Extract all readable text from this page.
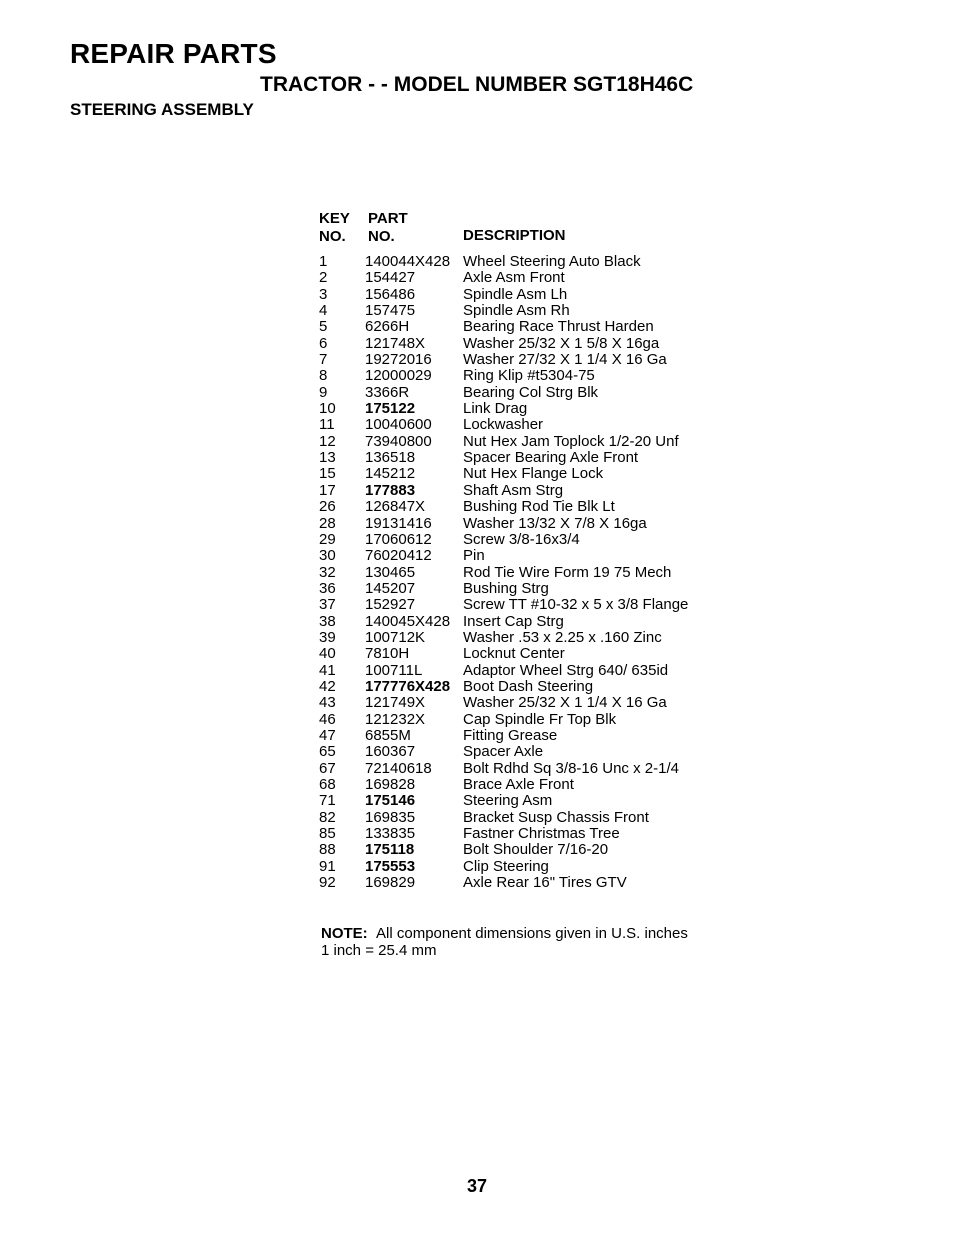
REPAIR PARTS
TRACTOR - - MODEL NUMBER SGT18H46C
STEERING ASSEMBLY
KEY
NO.
PART
NO.	DESCRIPTION
1	140044X428 Wheel Steering Auto Black
2	154427	Axle Asm Front
3	156486	Spindle Asm Lh
4	157475	Spindle Asm Rh
5	6266H	Bearing Race Thrust Harden
6	121748X	Washer 25/32 X 1 5/8 X 16ga
7	19272016 Washer 27/32 X 1 1/4 X 16 Ga
8	12000029 Ring Klip #t5304-75
9	3366R	Bearing Col Strg Blk
10 175122	Link Drag
11 10040600 Lockwasher
12 73940800 Nut Hex Jam Toplock 1/2-20 Unf
13 136518	Spacer Bearing Axle Front
15 145212	Nut Hex Flange Lock
17 177883	Shaft Asm Strg
26 126847X	Bushing Rod Tie Blk Lt
28 19131416 Washer 13/32 X 7/8 X 16ga
29 17060612 Screw 3/8-16x3/4
30 76020412 Pin
32 130465	Rod Tie Wire Form 19 75 Mech
36 145207	Bushing Strg
37 152927	Screw TT #10-32 x 5 x 3/8 Flange
38 140045X428 Insert Cap Strg
39 100712K	Washer .53 x 2.25 x .160 Zinc
40 7810H	Locknut Center
41 100711L	Adaptor Wheel Strg 640/ 635id
42 177776X428 Boot Dash Steering
43 121749X	Washer 25/32 X 1 1/4 X 16 Ga
46 121232X	Cap Spindle Fr Top Blk
47 6855M	Fitting Grease
65 160367	Spacer Axle
67 72140618 Bolt Rdhd Sq 3/8-16 Unc x 2-1/4
68 169828	Brace Axle Front
71 175146	Steering Asm
82 169835	Bracket Susp Chassis Front
85 133835	Fastner Christmas Tree
88 175118	Bolt Shoulder 7/16-20
91 175553	Clip Steering
92 169829	Axle Rear 16" Tires GTV
NOTE: All component dimensions given in U.S. inches
1 inch = 25.4 mm
37
